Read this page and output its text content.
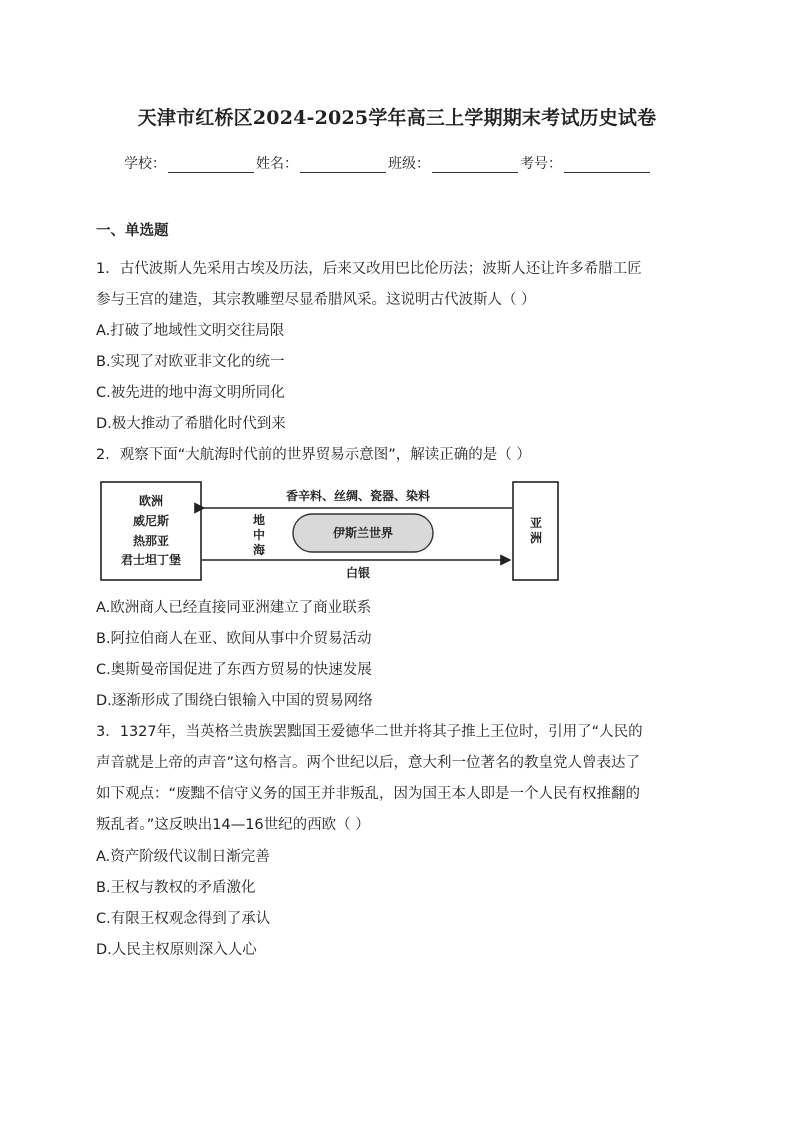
天津市红桥区2024-2025学年高三上学期期末考试历史试卷
学校：	姓名：	班级：	考号：
一、单选题
1．古代波斯人先采用古埃及历法，后来又改用巴比伦历法；波斯人还让许多希腊工匠
参与王宫的建造，其宗教雕塑尽显希腊风采。这说明古代波斯人（ ）
A.打破了地域性文明交往局限
B.实现了对欧亚非文化的统一
C.被先进的地中海文明所同化
D.极大推动了希腊化时代到来
2．观察下面“大航海时代前的世界贸易示意图”，解读正确的是（ ）
欧洲
威尼斯
热那亚
君士坦丁堡
亚
洲
地
中
海
香辛料、丝绸、瓷器、染料
伊斯兰世界
白银
A.欧洲商人已经直接同亚洲建立了商业联系
B.阿拉伯商人在亚、欧间从事中介贸易活动
C.奥斯曼帝国促进了东西方贸易的快速发展
D.逐渐形成了围绕白银输入中国的贸易网络
3．1327年，当英格兰贵族罢黜国王爱德华二世并将其子推上王位时，引用了“人民的
声音就是上帝的声音”这句格言。两个世纪以后，意大利一位著名的教皇党人曾表达了
如下观点：“废黜不信守义务的国王并非叛乱，因为国王本人即是一个人民有权推翻的
叛乱者。”这反映出14—16世纪的西欧（ ）
A.资产阶级代议制日渐完善
B.王权与教权的矛盾激化
C.有限王权观念得到了承认
D.人民主权原则深入人心
